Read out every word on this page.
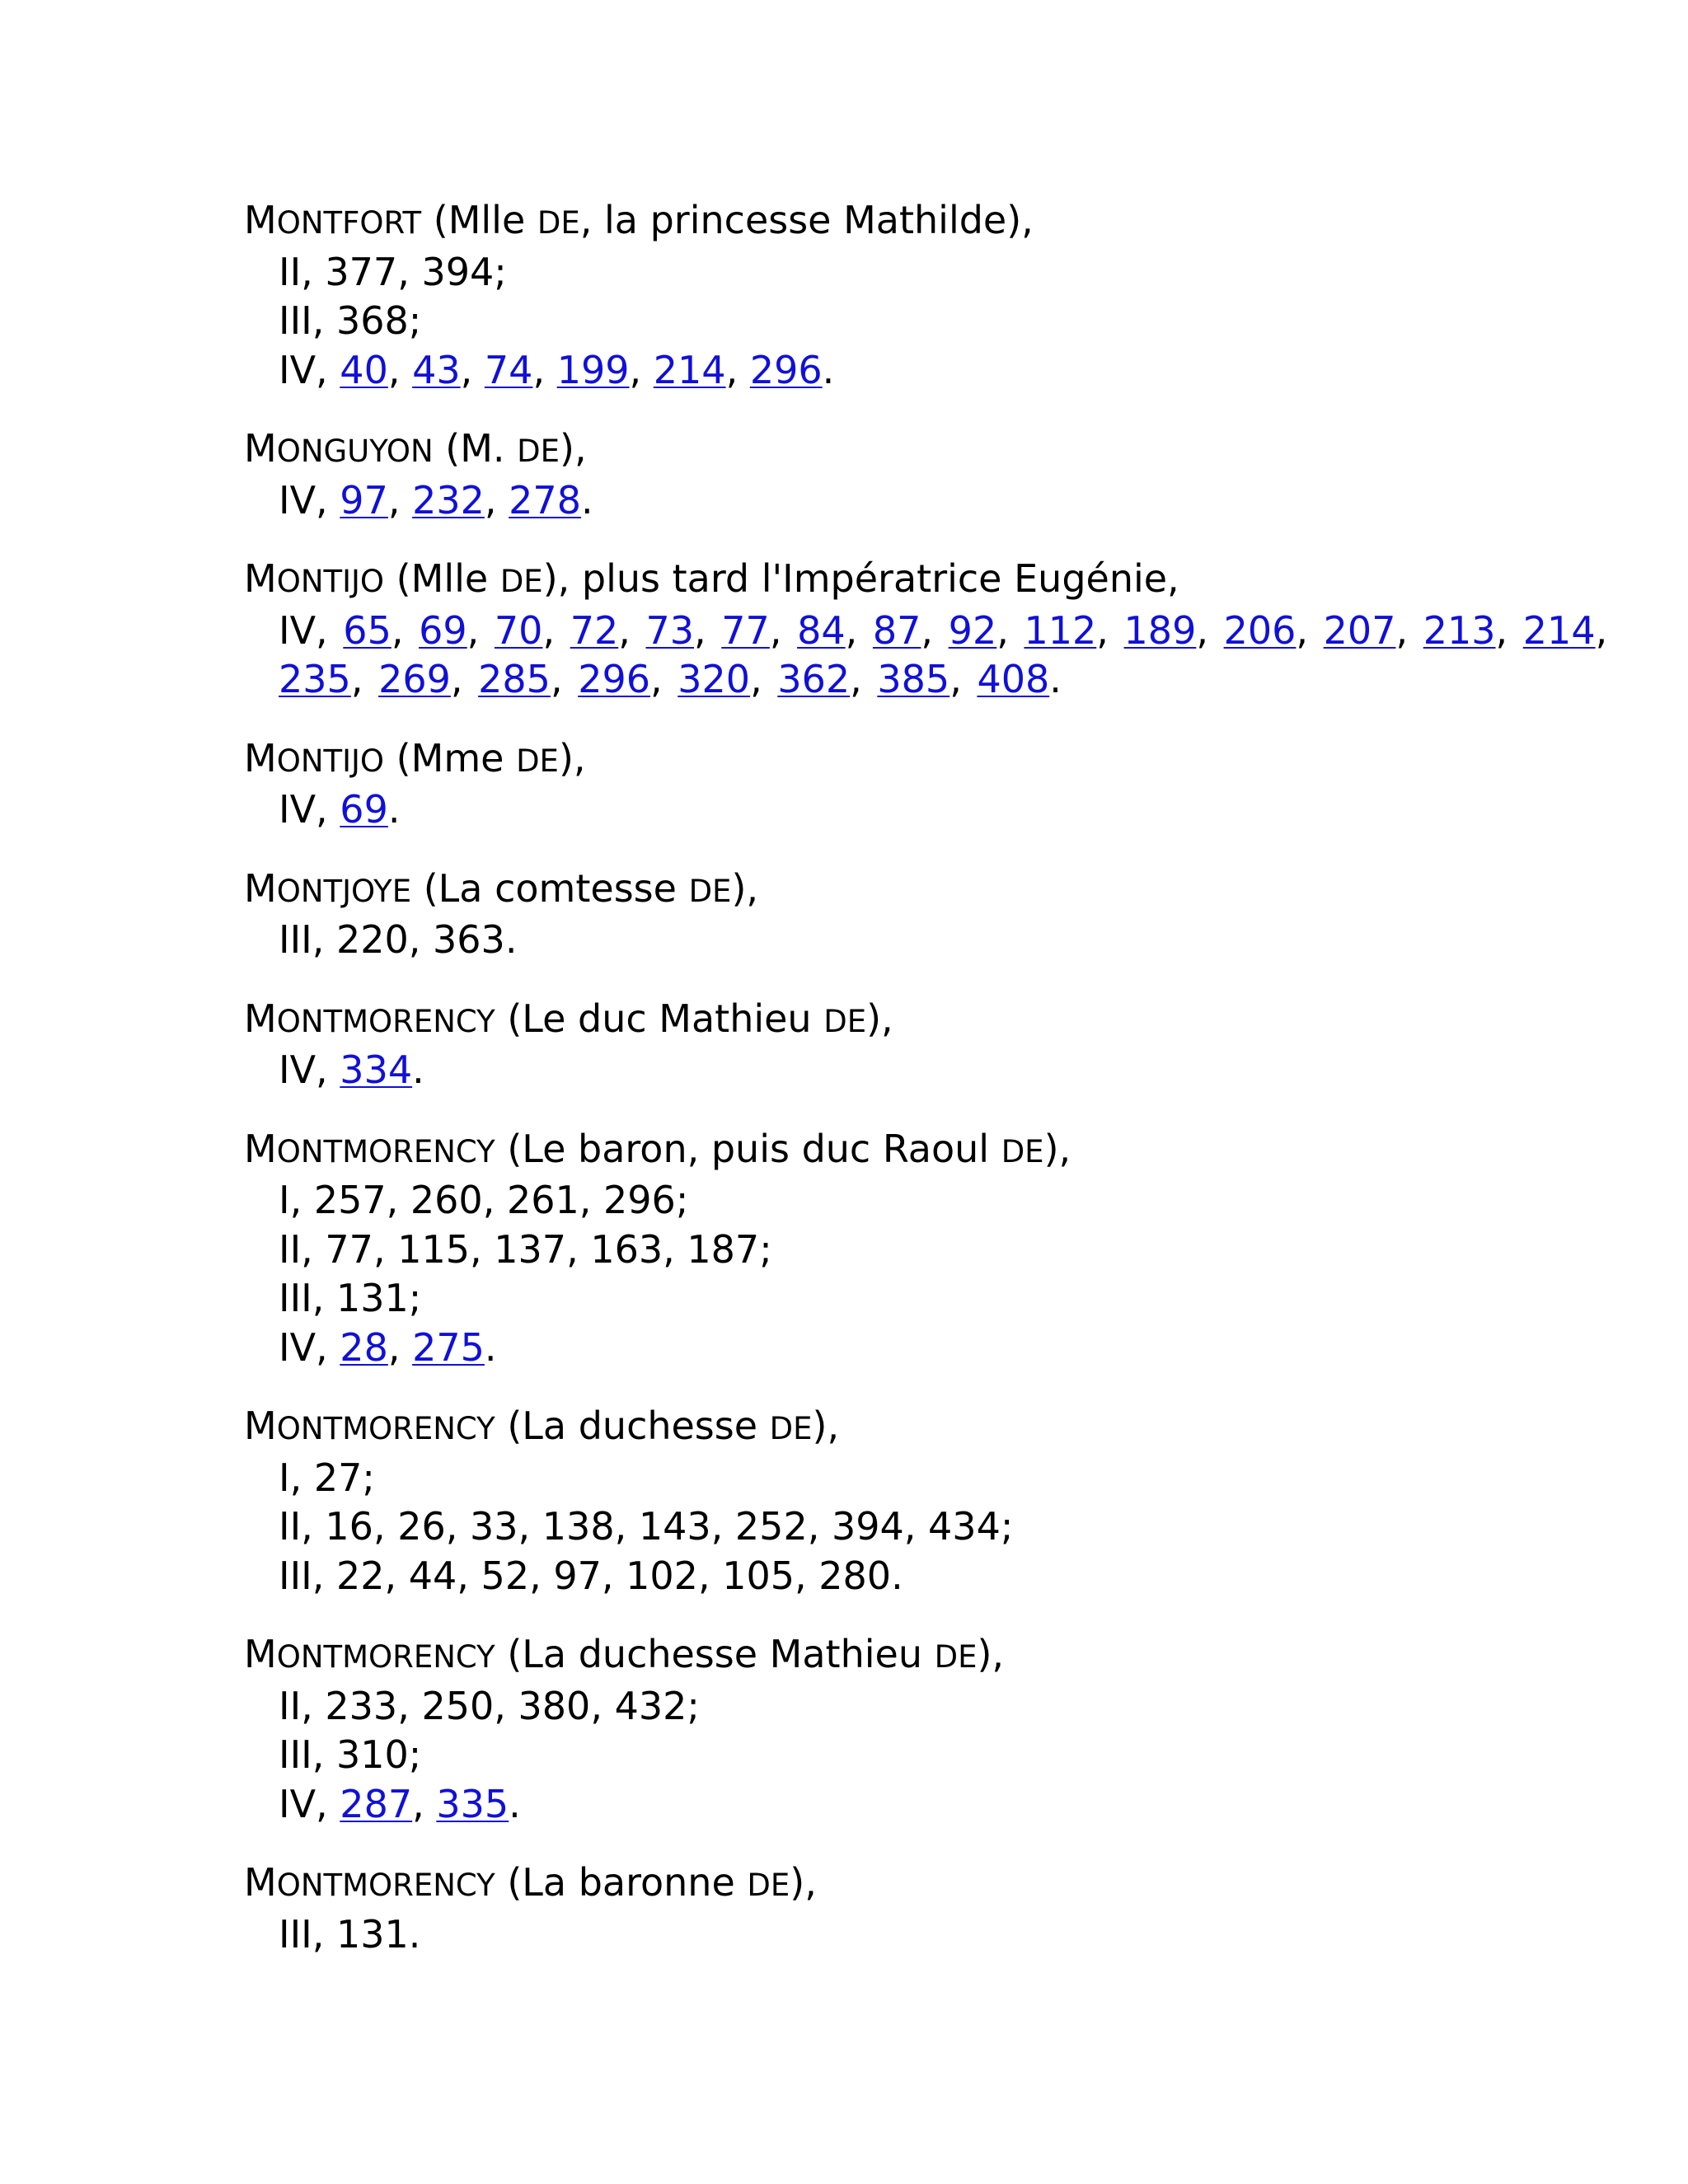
MONTFORT (Mlle DE, la princesse Mathilde),
II, 377, 394;
III, 368;
IV, 40, 43, 74, 199, 214, 296.
MONGUYON (M. DE),
IV, 97, 232, 278.
MONTIJO (Mlle DE), plus tard l'Impératrice Eugénie,
IV, 65, 69, 70, 72, 73, 77, 84, 87, 92, 112, 189, 206, 207, 213, 214, 235, 269, 285, 296, 320, 362, 385, 408.
MONTIJO (Mme DE),
IV, 69.
MONTJOYE (La comtesse DE),
III, 220, 363.
MONTMORENCY (Le duc Mathieu DE),
IV, 334.
MONTMORENCY (Le baron, puis duc Raoul DE),
I, 257, 260, 261, 296;
II, 77, 115, 137, 163, 187;
III, 131;
IV, 28, 275.
MONTMORENCY (La duchesse DE),
I, 27;
II, 16, 26, 33, 138, 143, 252, 394, 434;
III, 22, 44, 52, 97, 102, 105, 280.
MONTMORENCY (La duchesse Mathieu DE),
II, 233, 250, 380, 432;
III, 310;
IV, 287, 335.
MONTMORENCY (La baronne DE),
III, 131.
